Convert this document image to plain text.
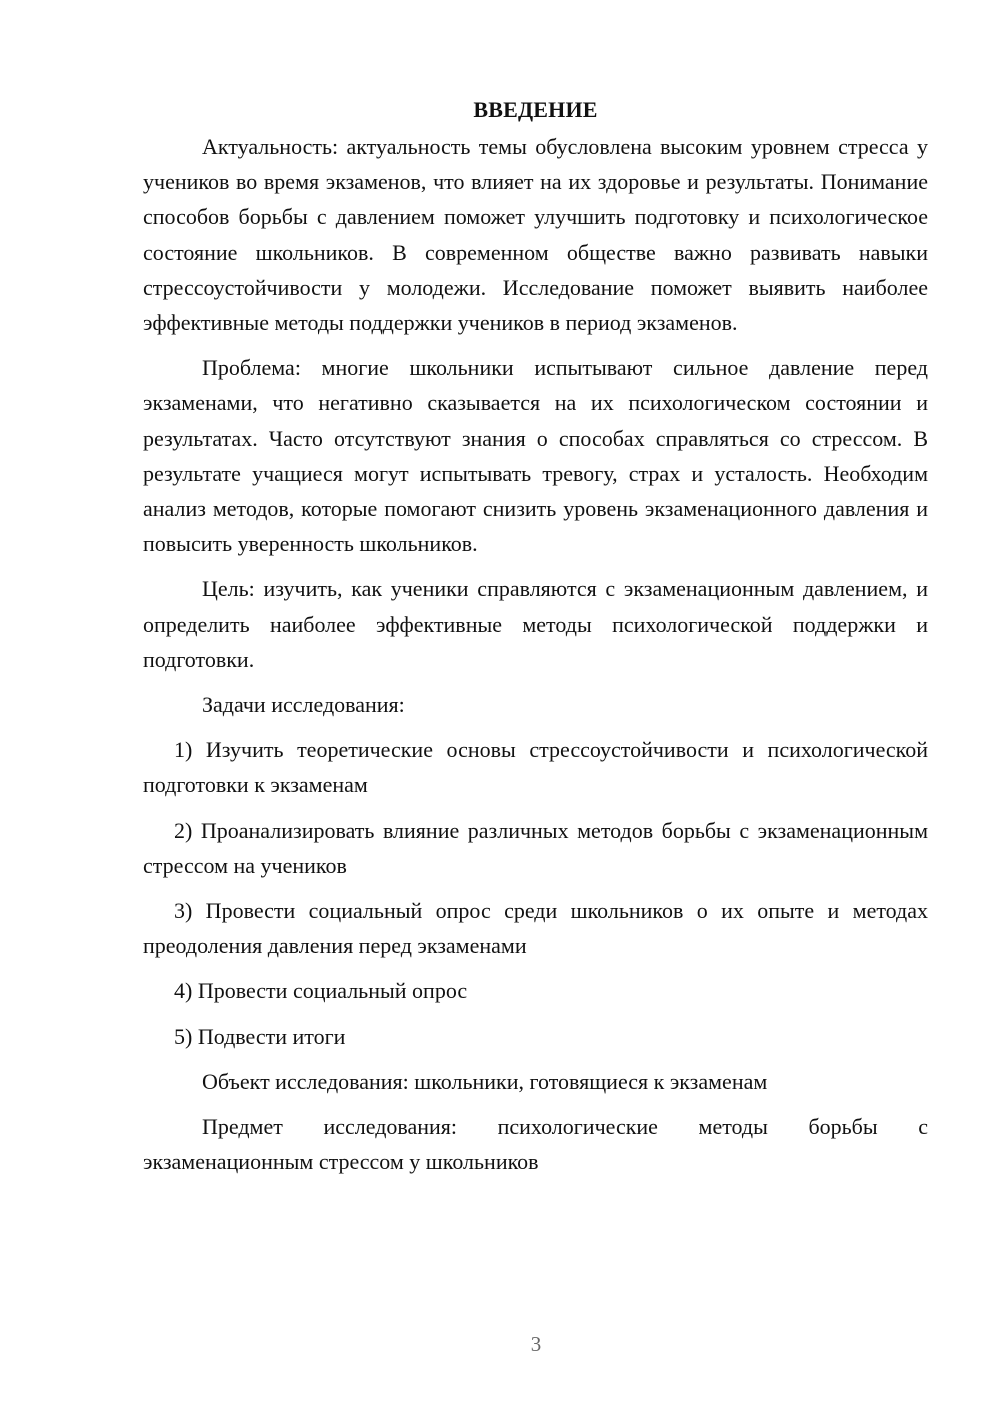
ВВЕДЕНИЕ

Актуальность: актуальность темы обусловлена высоким уровнем стресса у учеников во время экзаменов, что влияет на их здоровье и результаты. Понимание способов борьбы с давлением поможет улучшить подготовку и психологическое состояние школьников. В современном обществе важно развивать навыки стрессоустойчивости у молодежи. Исследование поможет выявить наиболее эффективные методы поддержки учеников в период экзаменов.

Проблема: многие школьники испытывают сильное давление перед экзаменами, что негативно сказывается на их психологическом состоянии и результатах. Часто отсутствуют знания о способах справляться со стрессом. В результате учащиеся могут испытывать тревогу, страх и усталость. Необходим анализ методов, которые помогают снизить уровень экзаменационного давления и повысить уверенность школьников.

Цель: изучить, как ученики справляются с экзаменационным давлением, и определить наиболее эффективные методы психологической поддержки и подготовки.

Задачи исследования:

1) Изучить теоретические основы стрессоустойчивости и психологической подготовки к экзаменам

2) Проанализировать влияние различных методов борьбы с экзаменационным стрессом на учеников

3) Провести социальный опрос среди школьников о их опыте и методах преодоления давления перед экзаменами

4) Провести социальный опрос

5) Подвести итоги

Объект исследования: школьники, готовящиеся к экзаменам

Предмет исследования: психологические методы борьбы с экзаменационным стрессом у школьников

3
